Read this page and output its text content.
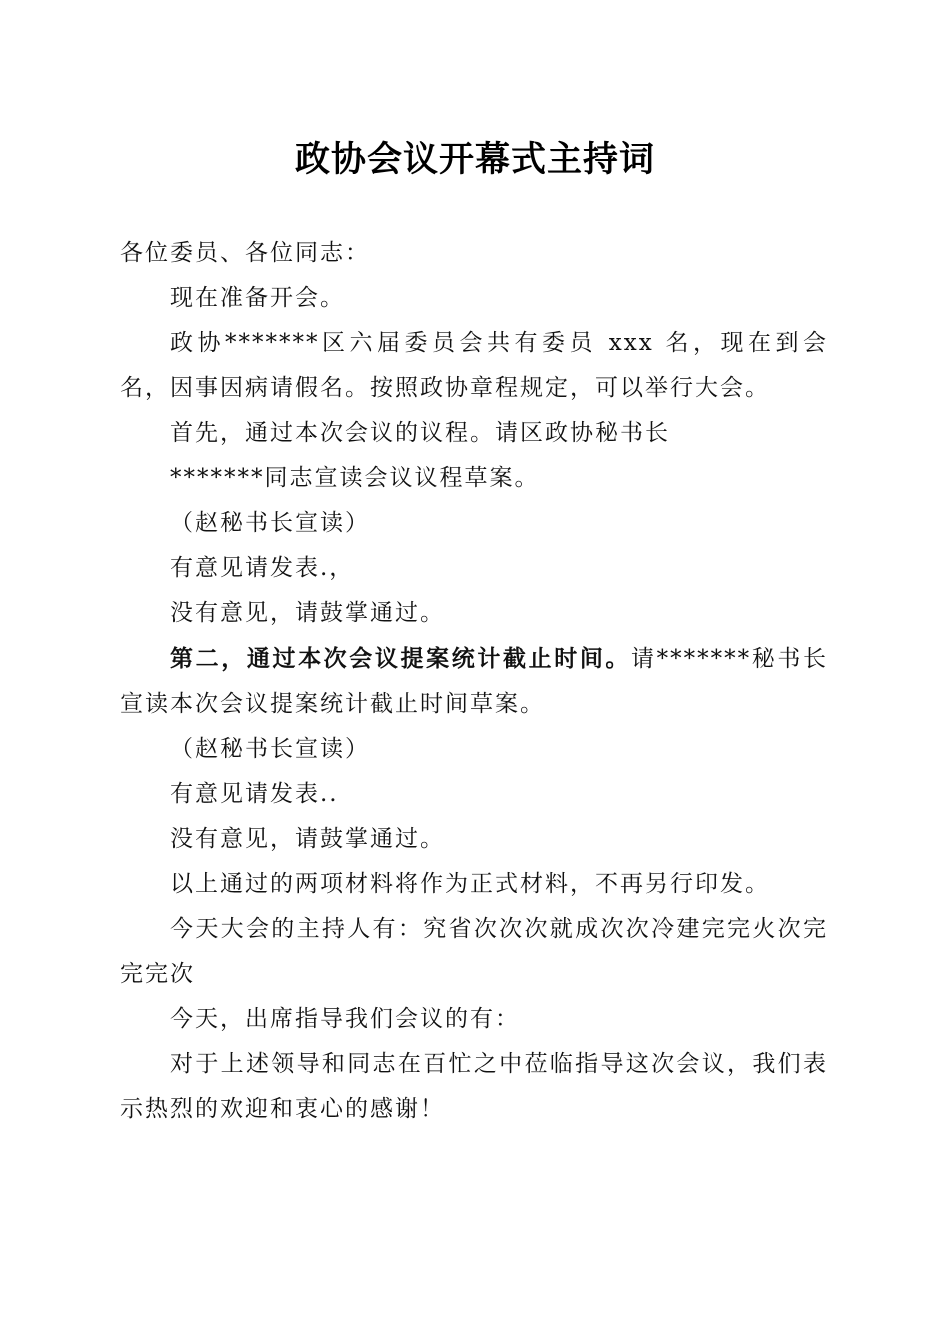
政协会议开幕式主持词

各位委员、各位同志：

现在准备开会。

政协*******区六届委员会共有委员 xxx 名，现在到会名，因事因病请假名。按照政协章程规定，可以举行大会。

首先，通过本次会议的议程。请区政协秘书长

*******同志宣读会议议程草案。

（赵秘书长宣读）

有意见请发表.，

没有意见，请鼓掌通过。

第二，通过本次会议提案统计截止时间。请*******秘书长宣读本次会议提案统计截止时间草案。

（赵秘书长宣读）

有意见请发表..

没有意见，请鼓掌通过。

以上通过的两项材料将作为正式材料，不再另行印发。

今天大会的主持人有：究省次次次就成次次冷建完完火次完完完次

今天，出席指导我们会议的有：

对于上述领导和同志在百忙之中莅临指导这次会议，我们表示热烈的欢迎和衷心的感谢！
